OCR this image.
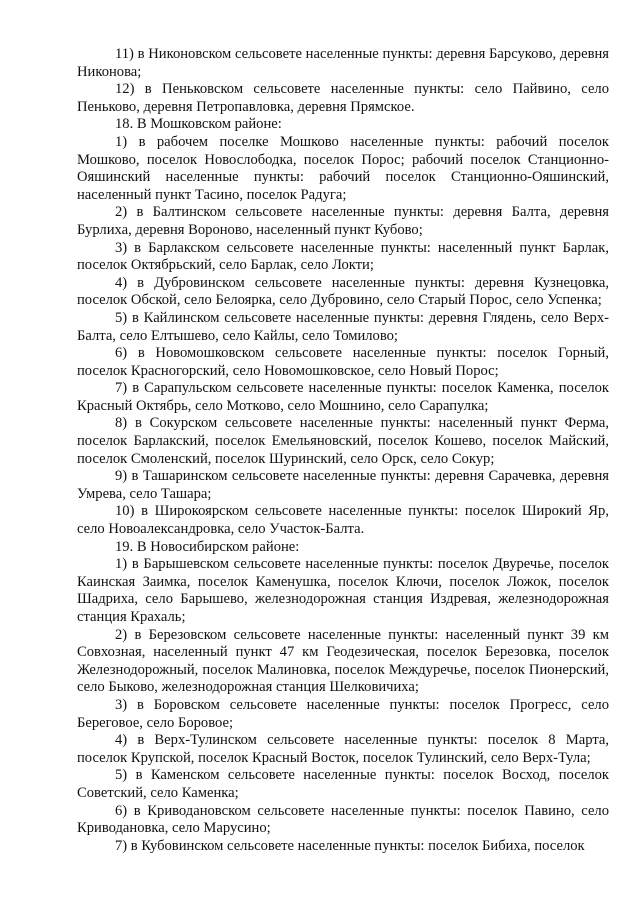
11) в Никоновском сельсовете населенные пункты: деревня Барсуково, деревня Никонова;

12) в Пеньковском сельсовете населенные пункты: село Пайвино, село Пеньково, деревня Петропавловка, деревня Прямское.

18. В Мошковском районе:

1) в рабочем поселке Мошково населенные пункты: рабочий поселок Мошково, поселок Новослободка, поселок Порос; рабочий поселок Станционно-Ояшинский населенные пункты: рабочий поселок Станционно-Ояшинский, населенный пункт Тасино, поселок Радуга;

2) в Балтинском сельсовете населенные пункты: деревня Балта, деревня Бурлиха, деревня Вороново, населенный пункт Кубово;

3) в Барлакском сельсовете населенные пункты: населенный пункт Барлак, поселок Октябрьский, село Барлак, село Локти;

4) в Дубровинском сельсовете населенные пункты: деревня Кузнецовка, поселок Обской, село Белоярка, село Дубровино, село Старый Порос, село Успенка;

5) в Кайлинском сельсовете населенные пункты: деревня Глядень, село Верх-Балта, село Елтышево, село Кайлы, село Томилово;

6) в Новомошковском сельсовете населенные пункты: поселок Горный, поселок Красногорский, село Новомошковское, село Новый Порос;

7) в Сарапульском сельсовете населенные пункты: поселок Каменка, поселок Красный Октябрь, село Мотково, село Мошнино, село Сарапулка;

8) в Сокурском сельсовете населенные пункты: населенный пункт Ферма, поселок Барлакский, поселок Емельяновский, поселок Кошево, поселок Майский, поселок Смоленский, поселок Шуринский, село Орск, село Сокур;

9) в Ташаринском сельсовете населенные пункты: деревня Сарачевка, деревня Умрева, село Ташара;

10) в Широкоярском сельсовете населенные пункты: поселок Широкий Яр, село Новоалександровка, село Участок-Балта.

19. В Новосибирском районе:

1) в Барышевском сельсовете населенные пункты: поселок Двуречье, поселок Каинская Заимка, поселок Каменушка, поселок Ключи, поселок Ложок, поселок Шадриха, село Барышево, железнодорожная станция Издревая, железнодорожная станция Крахаль;

2) в Березовском сельсовете населенные пункты: населенный пункт 39 км Совхозная, населенный пункт 47 км Геодезическая, поселок Березовка, поселок Железнодорожный, поселок Малиновка, поселок Междуречье, поселок Пионерский, село Быково, железнодорожная станция Шелковичиха;

3) в Боровском сельсовете населенные пункты: поселок Прогресс, село Береговое, село Боровое;

4) в Верх-Тулинском сельсовете населенные пункты: поселок 8 Марта, поселок Крупской, поселок Красный Восток, поселок Тулинский, село Верх-Тула;

5) в Каменском сельсовете населенные пункты: поселок Восход, поселок Советский, село Каменка;

6) в Криводановском сельсовете населенные пункты: поселок Павино, село Криводановка, село Марусино;

7) в Кубовинском сельсовете населенные пункты: поселок Бибиха, поселок
